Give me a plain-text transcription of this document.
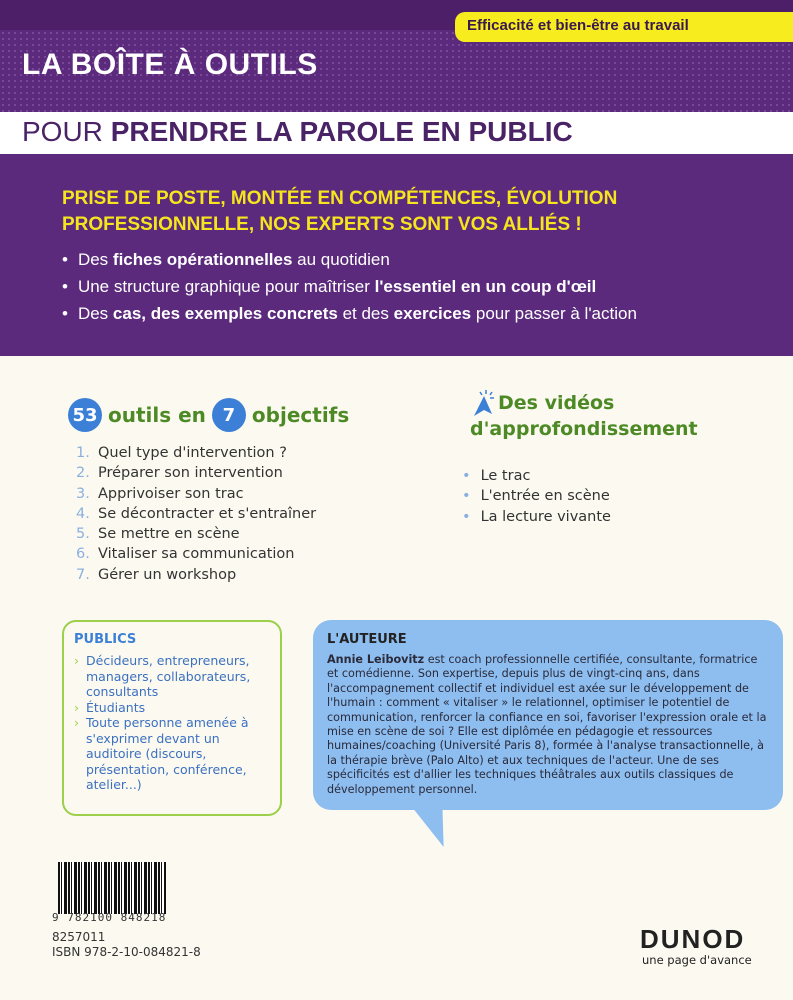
Efficacité et bien-être au travail
LA BOÎTE À OUTILS
POUR PRENDRE LA PAROLE EN PUBLIC
PRISE DE POSTE, MONTÉE EN COMPÉTENCES, ÉVOLUTION
PROFESSIONNELLE, NOS EXPERTS SONT VOS ALLIÉS !
• Des fiches opérationnelles au quotidien
• Une structure graphique pour maîtriser l'essentiel en un coup d'œil
• Des cas, des exemples concrets et des exercices pour passer à l'action
53 outils en 7 objectifs
1. Quel type d'intervention ?
2. Préparer son intervention
3. Apprivoiser son trac
4. Se décontracter et s'entraîner
5. Se mettre en scène
6. Vitaliser sa communication
7. Gérer un workshop
Des vidéos
d'approfondissement
• Le trac
• L'entrée en scène
• La lecture vivante
PUBLICS
› Décideurs, entrepreneurs, managers, collaborateurs, consultants
› Étudiants
› Toute personne amenée à s'exprimer devant un auditoire (discours, présentation, conférence, atelier...)
L'AUTEURE

Annie Leibovitz est coach professionnelle certifiée, consultante, formatrice et comédienne. Son expertise, depuis plus de vingt-cinq ans, dans l'accompagnement collectif et individuel est axée sur le développement de l'humain : comment « vitaliser » le relationnel, optimiser le potentiel de communication, renforcer la confiance en soi, favoriser l'expression orale et la mise en scène de soi ? Elle est diplômée en pédagogie et ressources humaines/coaching (Université Paris 8), formée à l'analyse transactionnelle, à la thérapie brève (Palo Alto) et aux techniques de l'acteur. Une de ses spécificités est d'allier les techniques théâtrales aux outils classiques de développement personnel.

9 782100 848218
8257011
ISBN 978-2-10-084821-8	DUNOD
une page d'avance
